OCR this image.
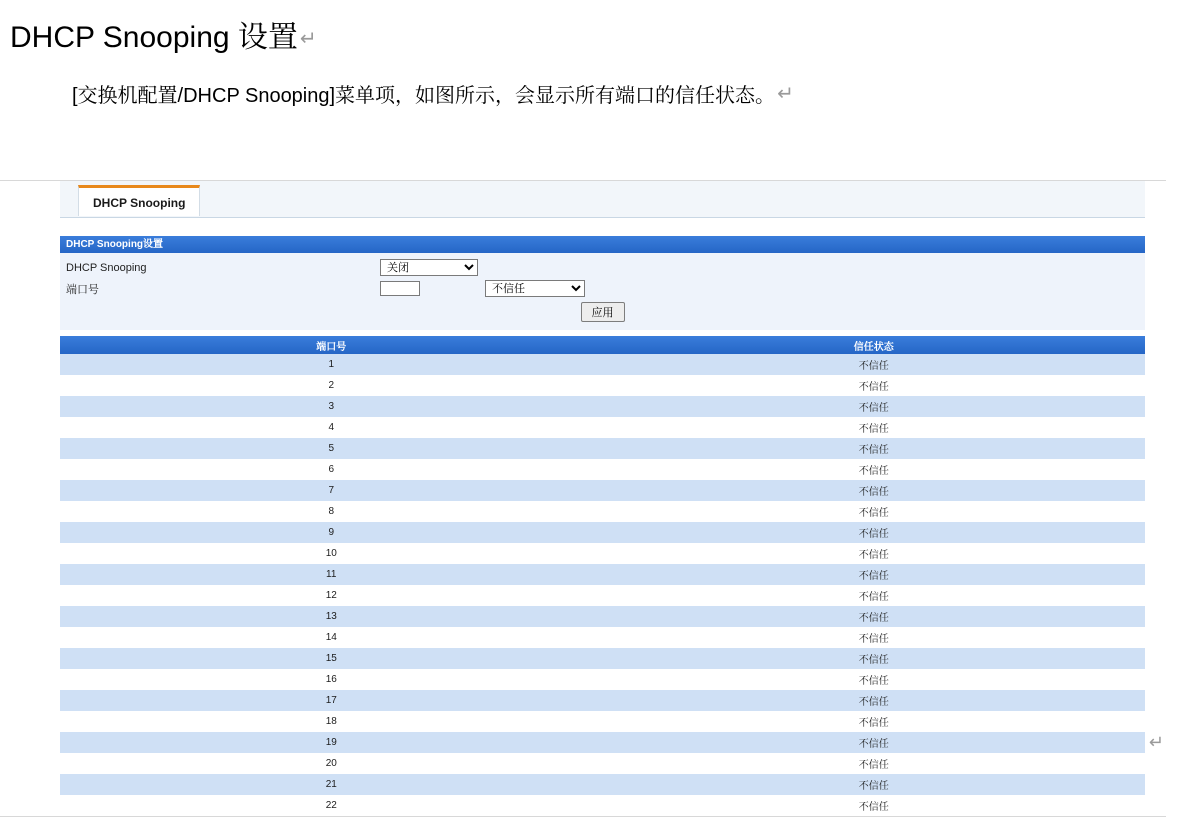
DHCP Snooping 设置 ↵
[交换机配置/DHCP Snooping]菜单项，如图所示，会显示所有端口的信任状态。 ↵
DHCP Snooping
DHCP Snooping设置
DHCP Snooping
关闭
端口号
不信任
应用
端口号	信任状态
1	不信任
2	不信任
3	不信任
4	不信任
5	不信任
6	不信任
7	不信任
8	不信任
9	不信任
10	不信任
11	不信任
12	不信任
13	不信任
14	不信任
15	不信任
16	不信任
17	不信任
18	不信任
19	不信任
20	不信任
21	不信任
22	不信任
↵
